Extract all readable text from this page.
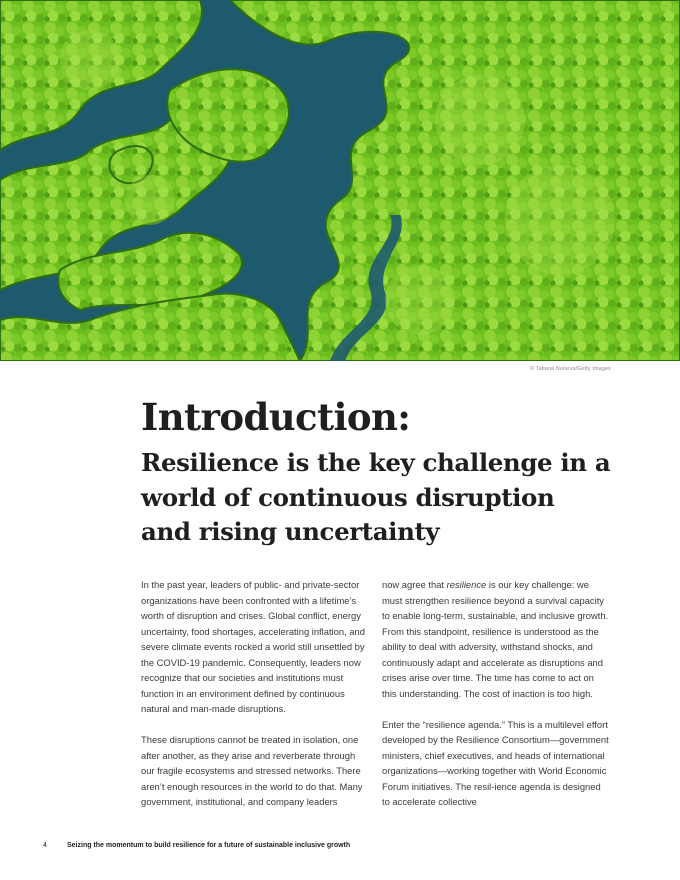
© Tatiana Nurieva/Getty Images
Introduction:
Resilience is the key challenge in a world of continuous disruption and rising uncertainty

In the past year, leaders of public- and private-sector organizations have been confronted with a lifetime’s worth of disruption and crises. Global conflict, energy uncertainty, food shortages, accelerating inflation, and severe climate events rocked a world still unsettled by the COVID-19 pandemic. Consequently, leaders now recognize that our societies and institutions must function in an environment defined by continuous natural and man-made disruptions.

These disruptions cannot be treated in isolation, one after another, as they arise and reverberate through our fragile ecosystems and stressed networks. There aren’t enough resources in the world to do that. Many government, institutional, and company leaders

now agree that resilience is our key challenge: we must strengthen resilience beyond a survival capacity to enable long-term, sustainable, and inclusive growth. From this standpoint, resilience is understood as the ability to deal with adversity, withstand shocks, and continuously adapt and accelerate as disruptions and crises arise over time. The time has come to act on this understanding. The cost of inaction is too high.

Enter the “resilience agenda.” This is a multilevel effort developed by the Resilience Consortium—government ministers, chief executives, and heads of international organizations—working together with World Economic Forum initiatives. The resil-ience agenda is designed to accelerate collective

4	Seizing the momentum to build resilience for a future of sustainable inclusive growth
